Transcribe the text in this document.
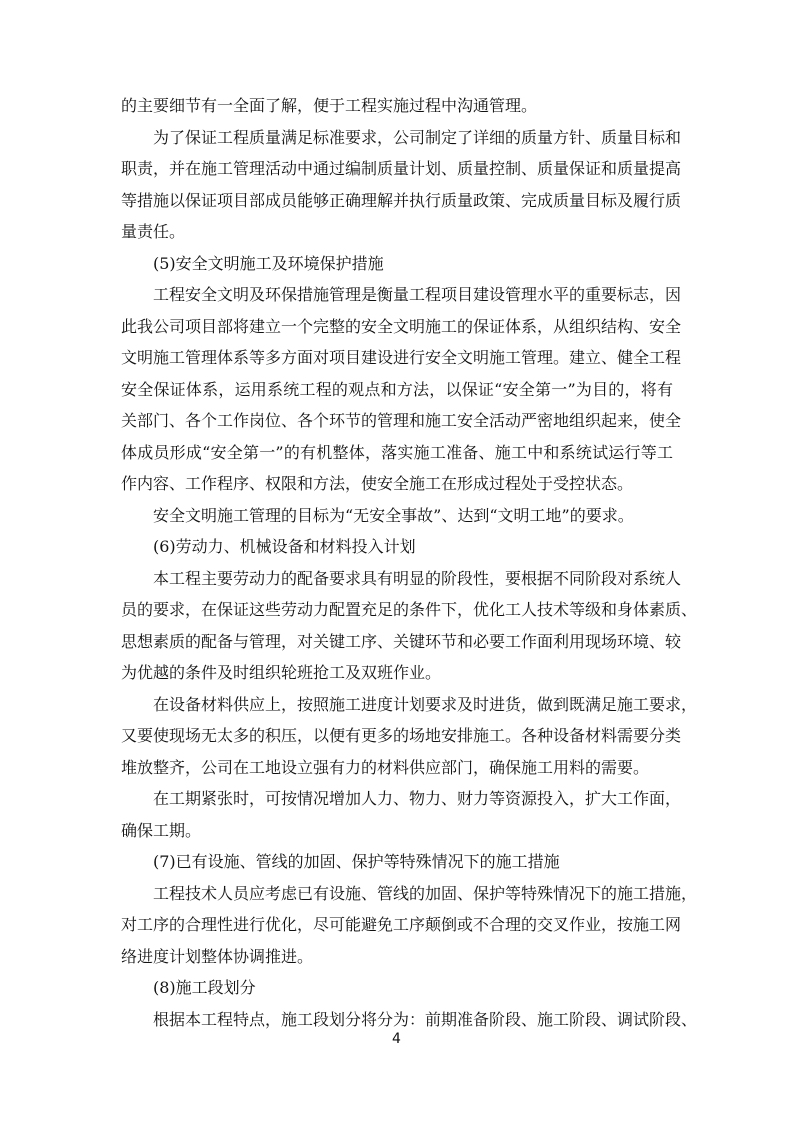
的主要细节有一全面了解，便于工程实施过程中沟通管理。
为了保证工程质量满足标准要求，公司制定了详细的质量方针、质量目标和
职责，并在施工管理活动中通过编制质量计划、质量控制、质量保证和质量提高
等措施以保证项目部成员能够正确理解并执行质量政策、完成质量目标及履行质
量责任。
(5)安全文明施工及环境保护措施
工程安全文明及环保措施管理是衡量工程项目建设管理水平的重要标志，因
此我公司项目部将建立一个完整的安全文明施工的保证体系，从组织结构、安全
文明施工管理体系等多方面对项目建设进行安全文明施工管理。建立、健全工程
安全保证体系，运用系统工程的观点和方法，以保证“安全第一”为目的，将有
关部门、各个工作岗位、各个环节的管理和施工安全活动严密地组织起来，使全
体成员形成“安全第一”的有机整体，落实施工准备、施工中和系统试运行等工
作内容、工作程序、权限和方法，使安全施工在形成过程处于受控状态。
安全文明施工管理的目标为“无安全事故”、达到“文明工地”的要求。
(6)劳动力、机械设备和材料投入计划
本工程主要劳动力的配备要求具有明显的阶段性，要根据不同阶段对系统人
员的要求，在保证这些劳动力配置充足的条件下，优化工人技术等级和身体素质、
思想素质的配备与管理，对关键工序、关键环节和必要工作面利用现场环境、较
为优越的条件及时组织轮班抢工及双班作业。
在设备材料供应上，按照施工进度计划要求及时进货，做到既满足施工要求，
又要使现场无太多的积压，以便有更多的场地安排施工。各种设备材料需要分类
堆放整齐，公司在工地设立强有力的材料供应部门，确保施工用料的需要。
在工期紧张时，可按情况增加人力、物力、财力等资源投入，扩大工作面，
确保工期。
(7)已有设施、管线的加固、保护等特殊情况下的施工措施
工程技术人员应考虑已有设施、管线的加固、保护等特殊情况下的施工措施，
对工序的合理性进行优化，尽可能避免工序颠倒或不合理的交叉作业，按施工网
络进度计划整体协调推进。
(8)施工段划分
根据本工程特点，施工段划分将分为：前期准备阶段、施工阶段、调试阶段、
4
